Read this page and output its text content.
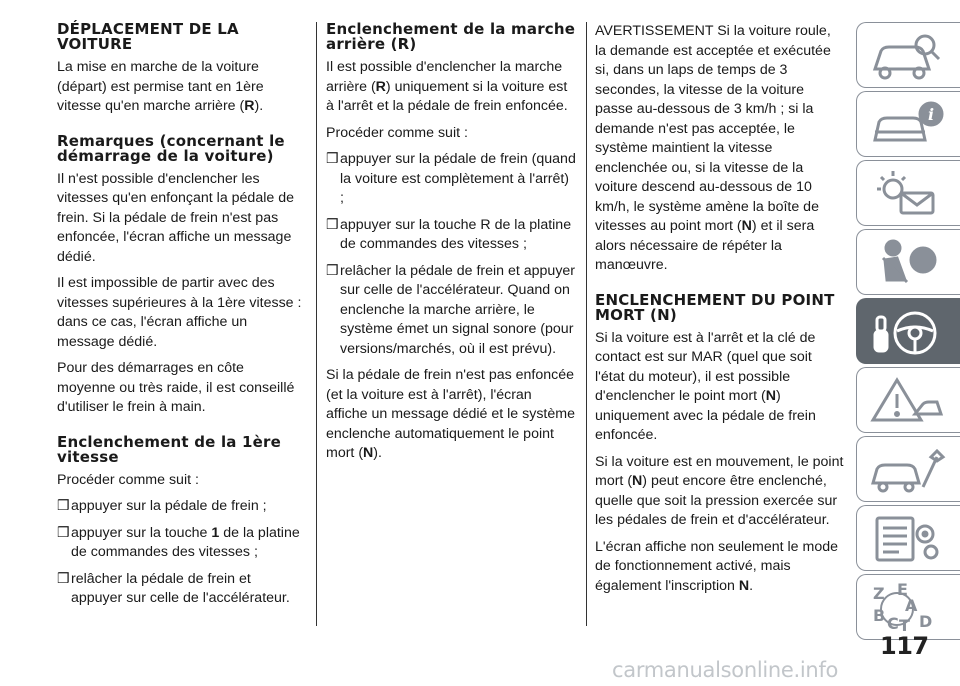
DÉPLACEMENT DE LA VOITURE

La mise en marche de la voiture (départ) est permise tant en 1ère vitesse qu'en marche arrière (R).

Remarques (concernant le démarrage de la voiture)

Il n'est possible d'enclencher les vitesses qu'en enfonçant la pédale de frein. Si la pédale de frein n'est pas enfoncée, l'écran affiche un message dédié.

Il est impossible de partir avec des vitesses supérieures à la 1ère vitesse : dans ce cas, l'écran affiche un message dédié.

Pour des démarrages en côte moyenne ou très raide, il est conseillé d'utiliser le frein à main.

Enclenchement de la 1ère vitesse

Procéder comme suit :

❒ appuyer sur la pédale de frein ;
❒ appuyer sur la touche 1 de la platine de commandes des vitesses ;
❒ relâcher la pédale de frein et appuyer sur celle de l'accélérateur.
Enclenchement de la marche arrière (R)

Il est possible d'enclencher la marche arrière (R) uniquement si la voiture est à l'arrêt et la pédale de frein enfoncée.

Procéder comme suit :

❒ appuyer sur la pédale de frein (quand la voiture est complètement à l'arrêt) ;
❒ appuyer sur la touche R de la platine de commandes des vitesses ;
❒ relâcher la pédale de frein et appuyer sur celle de l'accélérateur. Quand on enclenche la marche arrière, le système émet un signal sonore (pour versions/marchés, où il est prévu).

Si la pédale de frein n'est pas enfoncée (et la voiture est à l'arrêt), l'écran affiche un message dédié et le système enclenche automatiquement le point mort (N).

AVERTISSEMENT Si la voiture roule, la demande est acceptée et exécutée si, dans un laps de temps de 3 secondes, la vitesse de la voiture passe au-dessous de 3 km/h ; si la demande n'est pas acceptée, le système maintient la vitesse enclenchée ou, si la vitesse de la voiture descend au-dessous de 10 km/h, le système amène la boîte de vitesses au point mort (N) et il sera alors nécessaire de répéter la manœuvre.

ENCLENCHEMENT DU POINT MORT (N)

Si la voiture est à l'arrêt et la clé de contact est sur MAR (quel que soit l'état du moteur), il est possible d'enclencher le point mort (N) uniquement avec la pédale de frein enfoncée.

Si la voiture est en mouvement, le point mort (N) peut encore être enclenché, quelle que soit la pression exercée sur les pédales de frein et d'accélérateur.

L'écran affiche non seulement le mode de fonctionnement activé, mais également l'inscription N.

i
Z E
A
B C T D
117
carmanualsonline.info
